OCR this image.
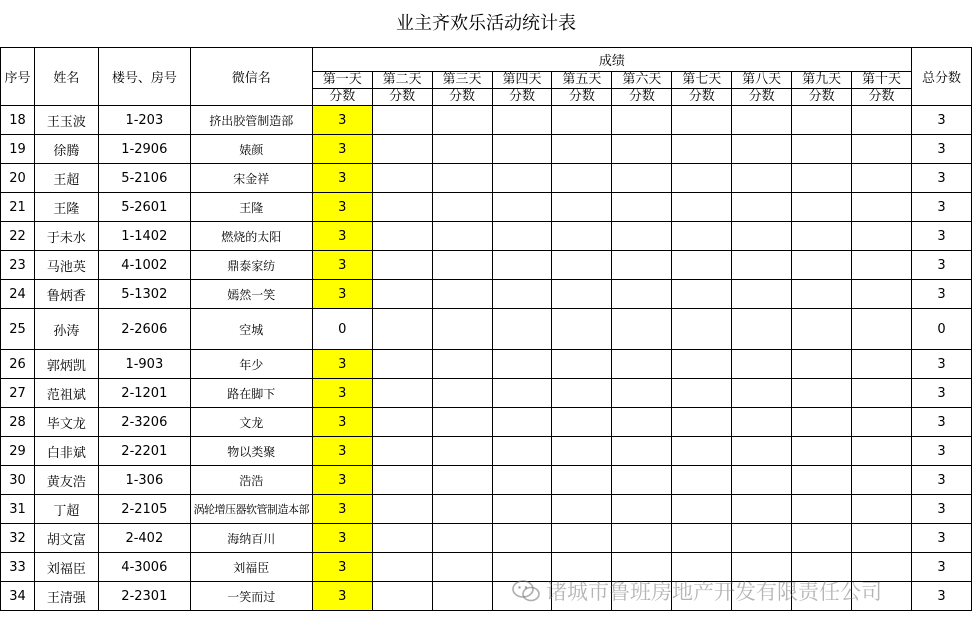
业主齐欢乐活动统计表
序号	姓名	楼号、房号	微信名	成绩										总分数
				第一天	第二天	第三天	第四天	第五天	第六天	第七天	第八天	第九天	第十天	
				分数	分数	分数	分数	分数	分数	分数	分数	分数	分数	
18	王玉波	1-203	挤出胶管制造部	3										3
19	徐腾	1-2906	婊颜	3										3
20	王超	5-2106	宋金祥	3										3
21	王隆	5-2601	王隆	3										3
22	于未水	1-1402	燃烧的太阳	3										3
23	马池英	4-1002	鼎泰家纺	3										3
24	鲁炳香	5-1302	嫣然一笑	3										3
25	孙涛	2-2606	空城	0										0
26	郭炳凯	1-903	年少	3										3
27	范祖斌	2-1201	路在脚下	3										3
28	毕文龙	2-3206	文龙	3										3
29	白非斌	2-2201	物以类聚	3										3
30	黄友浩	1-306	浩浩	3										3
31	丁超	2-2105	涡轮增压器软管制造本部	3										3
32	胡文富	2-402	海纳百川	3										3
33	刘福臣	4-3006	刘福臣	3										3
34	王清强	2-2301	一笑而过	3										3
诸城市鲁班房地产开发有限责任公司
